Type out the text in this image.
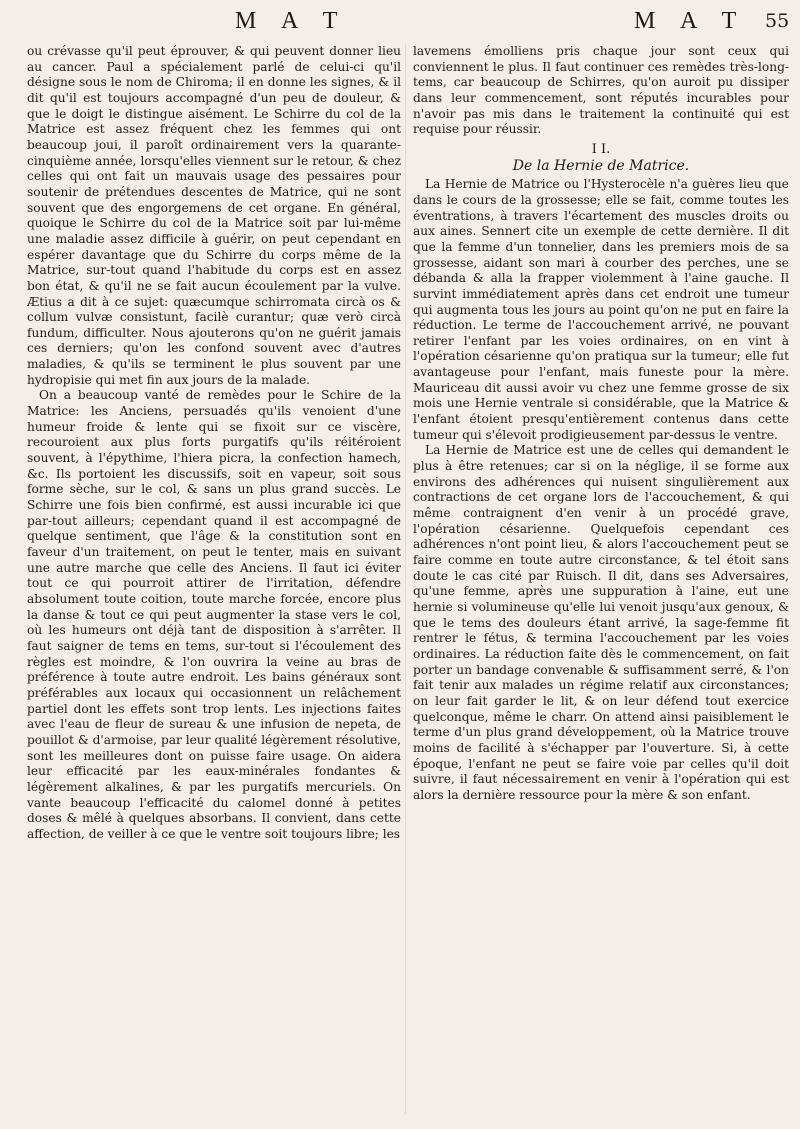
M A T	M A T 55

ou crévasse qu'il peut éprouver, & qui peuvent donner lieu au cancer. Paul a spécialement parlé de celui-ci qu'il désigne sous le nom de Chiroma; il en donne les signes, & il dit qu'il est toujours accompagné d'un peu de douleur, & que le doigt le distingue aisément. Le Schirre du col de la Matrice est assez fréquent chez les femmes qui ont beaucoup joui, il paroît ordinairement vers la quarante-cinquième année, lorsqu'elles viennent sur le retour, & chez celles qui ont fait un mauvais usage des pessaires pour soutenir de prétendues descentes de Matrice, qui ne sont souvent que des engorgemens de cet organe. En général, quoique le Schirre du col de la Matrice soit par lui-même une maladie assez difficile à guérir, on peut cependant en espérer davantage que du Schirre du corps même de la Matrice, sur-tout quand l'habitude du corps est en assez bon état, & qu'il ne se fait aucun écoulement par la vulve. Ætius a dit à ce sujet: quæcumque schirromata circà os & collum vulvæ consistunt, facilè curantur; quæ verò circà fundum, difficulter. Nous ajouterons qu'on ne guérit jamais ces derniers; qu'on les confond souvent avec d'autres maladies, & qu'ils se terminent le plus souvent par une hydropisie qui met fin aux jours de la malade.

On a beaucoup vanté de remèdes pour le Schire de la Matrice: les Anciens, persuadés qu'ils venoient d'une humeur froide & lente qui se fixoit sur ce viscère, recouroient aux plus forts purgatifs qu'ils réitéroient souvent, à l'épythime, l'hiera picra, la confection hamech, &c. Ils portoient les discussifs, soit en vapeur, soit sous forme sèche, sur le col, & sans un plus grand succès. Le Schirre une fois bien confirmé, est aussi incurable ici que par-tout ailleurs; cependant quand il est accompagné de quelque sentiment, que l'âge & la constitution sont en faveur d'un traitement, on peut le tenter, mais en suivant une autre marche que celle des Anciens. Il faut ici éviter tout ce qui pourroit attirer de l'irritation, défendre absolument toute coition, toute marche forcée, encore plus la danse & tout ce qui peut augmenter la stase vers le col, où les humeurs ont déjà tant de disposition à s'arrêter. Il faut saigner de tems en tems, sur-tout si l'écoulement des règles est moindre, & l'on ouvrira la veine au bras de préférence à toute autre endroit. Les bains généraux sont préférables aux locaux qui occasionnent un relâchement partiel dont les effets sont trop lents. Les injections faites avec l'eau de fleur de sureau & une infusion de nepeta, de pouillot & d'armoise, par leur qualité légèrement résolutive, sont les meilleures dont on puisse faire usage. On aidera leur efficacité par les eaux-minérales fondantes & légèrement alkalines, & par les purgatifs mercuriels. On vante beaucoup l'efficacité du calomel donné à petites doses & mêlé à quelques absorbans. Il convient, dans cette affection, de veiller à ce que le ventre soit toujours libre; les

lavemens émolliens pris chaque jour sont ceux qui conviennent le plus. Il faut continuer ces remèdes très-long-tems, car beaucoup de Schirres, qu'on auroit pu dissiper dans leur commencement, sont réputés incurables pour n'avoir pas mis dans le traitement la continuité qui est requise pour réussir.

I I.
De la Hernie de Matrice.

La Hernie de Matrice ou l'Hysterocèle n'a guères lieu que dans le cours de la grossesse; elle se fait, comme toutes les éventrations, à travers l'écartement des muscles droits ou aux aines. Sennert cite un exemple de cette dernière. Il dit que la femme d'un tonnelier, dans les premiers mois de sa grossesse, aidant son mari à courber des perches, une se débanda & alla la frapper violemment à l'aine gauche. Il survint immédiatement après dans cet endroit une tumeur qui augmenta tous les jours au point qu'on ne put en faire la réduction. Le terme de l'accouchement arrivé, ne pouvant retirer l'enfant par les voies ordinaires, on en vint à l'opération césarienne qu'on pratiqua sur la tumeur; elle fut avantageuse pour l'enfant, mais funeste pour la mère. Mauriceau dit aussi avoir vu chez une femme grosse de six mois une Hernie ventrale si considérable, que la Matrice & l'enfant étoient presqu'entièrement contenus dans cette tumeur qui s'élevoit prodigieusement par-dessus le ventre.

La Hernie de Matrice est une de celles qui demandent le plus à être retenues; car si on la néglige, il se forme aux environs des adhérences qui nuisent singulièrement aux contractions de cet organe lors de l'accouchement, & qui même contraignent d'en venir à un procédé grave, l'opération césarienne. Quelquefois cependant ces adhérences n'ont point lieu, & alors l'accouchement peut se faire comme en toute autre circonstance, & tel étoit sans doute le cas cité par Ruisch. Il dit, dans ses Adversaires, qu'une femme, après une suppuration à l'aine, eut une hernie si volumineuse qu'elle lui venoit jusqu'aux genoux, & que le tems des douleurs étant arrivé, la sage-femme fit rentrer le fétus, & termina l'accouchement par les voies ordinaires. La réduction faite dès le commencement, on fait porter un bandage convenable & suffisamment serré, & l'on fait tenir aux malades un régime relatif aux circonstances; on leur fait garder le lit, & on leur défend tout exercice quelconque, même le charr. On attend ainsi paisiblement le terme d'un plus grand développement, où la Matrice trouve moins de facilité à s'échapper par l'ouverture. Si, à cette époque, l'enfant ne peut se faire voie par celles qu'il doit suivre, il faut nécessairement en venir à l'opération qui est alors la dernière ressource pour la mère & son enfant.
